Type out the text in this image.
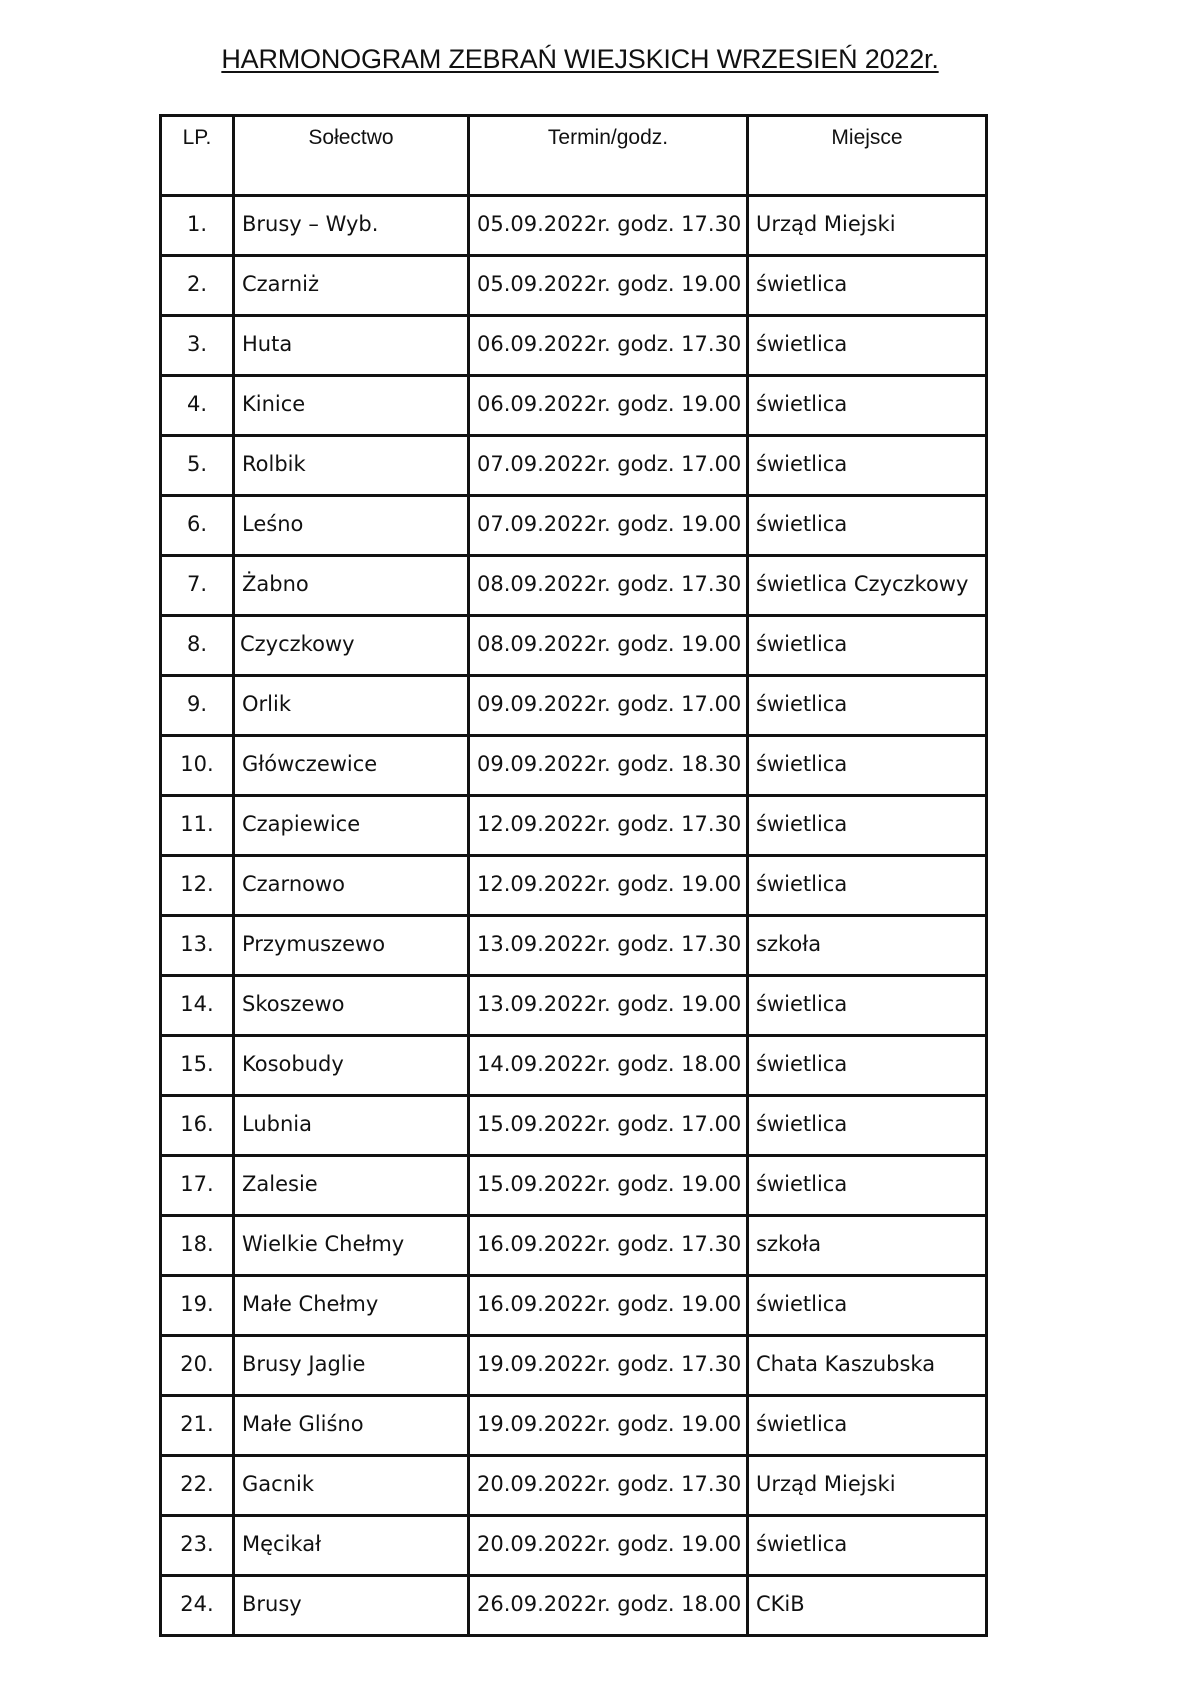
HARMONOGRAM ZEBRAŃ WIEJSKICH WRZESIEŃ 2022r.
LP.	Sołectwo	Termin/godz.	Miejsce
1.	Brusy – Wyb.	05.09.2022r. godz. 17.30	Urząd Miejski
2.	Czarniż	05.09.2022r. godz. 19.00	świetlica
3.	Huta	06.09.2022r. godz. 17.30	świetlica
4.	Kinice	06.09.2022r. godz. 19.00	świetlica
5.	Rolbik	07.09.2022r. godz. 17.00	świetlica
6.	Leśno	07.09.2022r. godz. 19.00	świetlica
7.	Żabno	08.09.2022r. godz. 17.30	świetlica Czyczkowy
8.	Czyczkowy	08.09.2022r. godz. 19.00	świetlica
9.	Orlik	09.09.2022r. godz. 17.00	świetlica
10.	Główczewice	09.09.2022r. godz. 18.30	świetlica
11.	Czapiewice	12.09.2022r. godz. 17.30	świetlica
12.	Czarnowo	12.09.2022r. godz. 19.00	świetlica
13.	Przymuszewo	13.09.2022r. godz. 17.30	szkoła
14.	Skoszewo	13.09.2022r. godz. 19.00	świetlica
15.	Kosobudy	14.09.2022r. godz. 18.00	świetlica
16.	Lubnia	15.09.2022r. godz. 17.00	świetlica
17.	Zalesie	15.09.2022r. godz. 19.00	świetlica
18.	Wielkie Chełmy	16.09.2022r. godz. 17.30	szkoła
19.	Małe Chełmy	16.09.2022r. godz. 19.00	świetlica
20.	Brusy Jaglie	19.09.2022r. godz. 17.30	Chata Kaszubska
21.	Małe Gliśno	19.09.2022r. godz. 19.00	świetlica
22.	Gacnik	20.09.2022r. godz. 17.30	Urząd Miejski
23.	Męcikał	20.09.2022r. godz. 19.00	świetlica
24.	Brusy	26.09.2022r. godz. 18.00	CKiB
